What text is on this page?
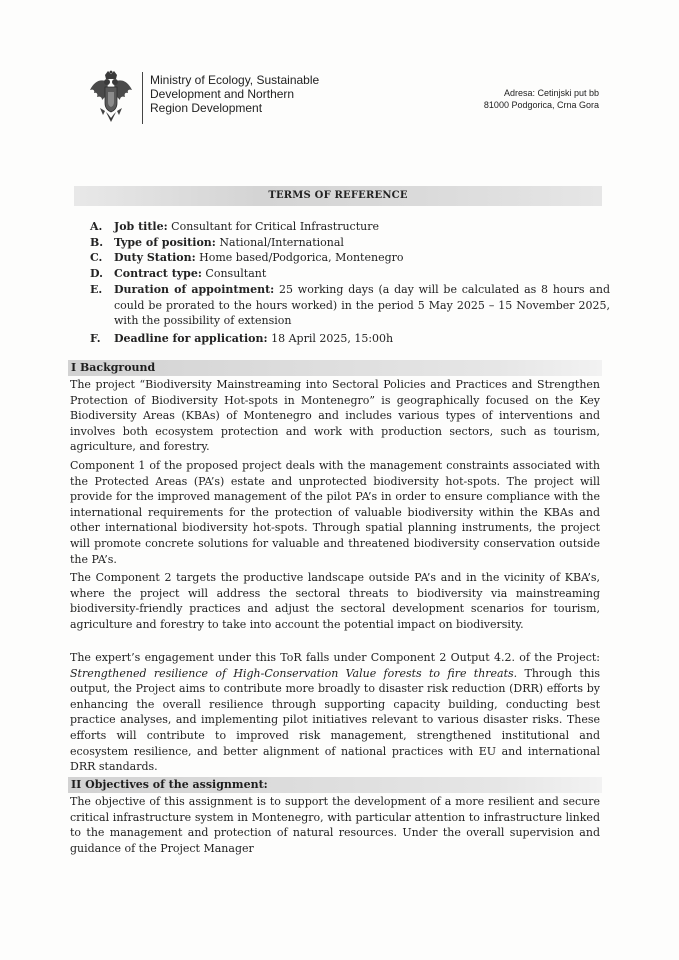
Ministry of Ecology, Sustainable
Development and Northern
Region Development
Adresa: Cetinjski put bb
81000 Podgorica, Crna Gora
TERMS OF REFERENCE
A. Job title: Consultant for Critical Infrastructure
B. Type of position: National/International
C. Duty Station: Home based/Podgorica, Montenegro
D. Contract type: Consultant
E. Duration of appointment: 25 working days (a day will be calculated as 8 hours and could be prorated to the hours worked) in the period 5 May 2025 – 15 November 2025, with the possibility of extension
F. Deadline for application: 18 April 2025, 15:00h
I Background
The project “Biodiversity Mainstreaming into Sectoral Policies and Practices and Strengthen Protection of Biodiversity Hot-spots in Montenegro” is geographically focused on the Key Biodiversity Areas (KBAs) of Montenegro and includes various types of interventions and involves both ecosystem protection and work with production sectors, such as tourism, agriculture, and forestry.
Component 1 of the proposed project deals with the management constraints associated with the Protected Areas (PA’s) estate and unprotected biodiversity hot-spots. The project will provide for the improved management of the pilot PA’s in order to ensure compliance with the international requirements for the protection of valuable biodiversity within the KBAs and other international biodiversity hot-spots. Through spatial planning instruments, the project will promote concrete solutions for valuable and threatened biodiversity conservation outside the PA’s.
The Component 2 targets the productive landscape outside PA’s and in the vicinity of KBA’s, where the project will address the sectoral threats to biodiversity via mainstreaming biodiversity-friendly practices and adjust the sectoral development scenarios for tourism, agriculture and forestry to take into account the potential impact on biodiversity.
The expert’s engagement under this ToR falls under Component 2 Output 4.2. of the Project: Strengthened resilience of High-Conservation Value forests to fire threats. Through this output, the Project aims to contribute more broadly to disaster risk reduction (DRR) efforts by enhancing the overall resilience through supporting capacity building, conducting best practice analyses, and implementing pilot initiatives relevant to various disaster risks. These efforts will contribute to improved risk management, strengthened institutional and ecosystem resilience, and better alignment of national practices with EU and international DRR standards.
II Objectives of the assignment:
The objective of this assignment is to support the development of a more resilient and secure critical infrastructure system in Montenegro, with particular attention to infrastructure linked to the management and protection of natural resources. Under the overall supervision and guidance of the Project Manager
